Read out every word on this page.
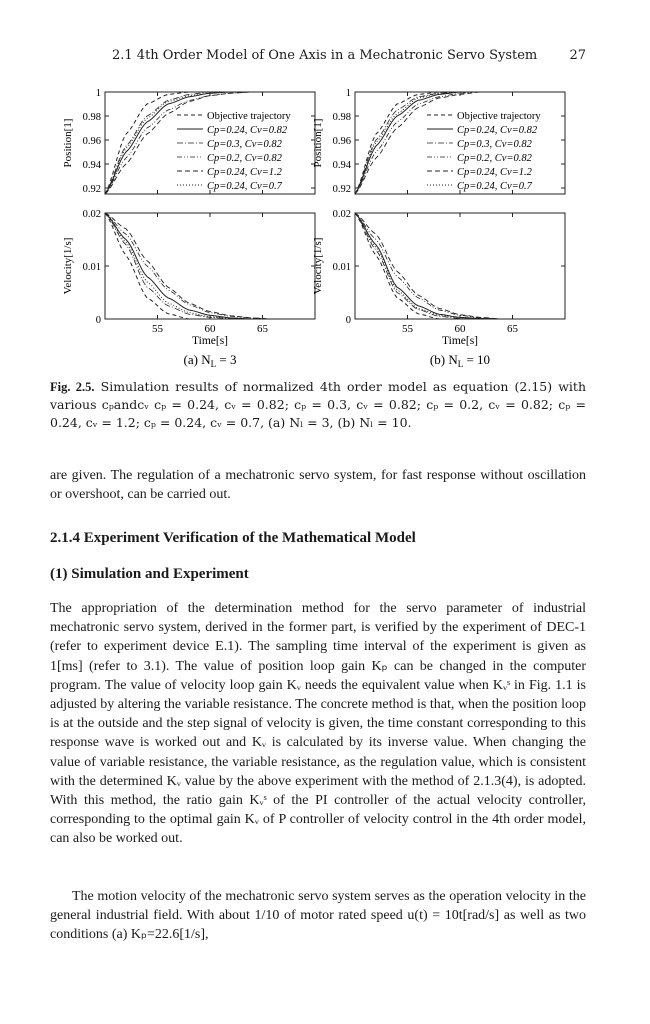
2.1 4th Order Model of One Axis in a Mechatronic Servo System 27
1
0.98
0.96
0.94
0.92
Position[1]
Objective trajectory
Cp=0.24, Cv=0.82
Cp=0.3, Cv=0.82
Cp=0.2, Cv=0.82
Cp=0.24, Cv=1.2
Cp=0.24, Cv=0.7
1
0.98
0.96
0.94
0.92
Position[1]
Objective trajectory
Cp=0.24, Cv=0.82
Cp=0.3, Cv=0.82
Cp=0.2, Cv=0.82
Cp=0.24, Cv=1.2
Cp=0.24, Cv=0.7
55	60	65
0.02
0.01
0
Velocity[1/s]
55	60	65
0.02
0.01
0
Velocity[1/s]
Time[s]
(a) $N_L = 3$
Time[s]
(b) $N_L = 10$
Fig. 2.5. Simulation results of normalized 4th order model as equation (2.15) with various cₚandcᵥ cₚ = 0.24, cᵥ = 0.82; cₚ = 0.3, cᵥ = 0.82; cₚ = 0.2, cᵥ = 0.82; cₚ = 0.24, cᵥ = 1.2; cₚ = 0.24, cᵥ = 0.7, (a) Nₗ = 3, (b) Nₗ = 10.

are given. The regulation of a mechatronic servo system, for fast response without oscillation or overshoot, can be carried out.

2.1.4 Experiment Verification of the Mathematical Model
(1) Simulation and Experiment

The appropriation of the determination method for the servo parameter of industrial mechatronic servo system, derived in the former part, is verified by the experiment of DEC-1 (refer to experiment device E.1). The sampling time interval of the experiment is given as 1[ms] (refer to 3.1). The value of position loop gain Kₚ can be changed in the computer program. The value of velocity loop gain Kᵥ needs the equivalent value when Kᵥˢ in Fig. 1.1 is adjusted by altering the variable resistance. The concrete method is that, when the position loop is at the outside and the step signal of velocity is given, the time constant corresponding to this response wave is worked out and Kᵥ is calculated by its inverse value. When changing the value of variable resistance, the variable resistance, as the regulation value, which is consistent with the determined Kᵥ value by the above experiment with the method of 2.1.3(4), is adopted. With this method, the ratio gain Kᵥˢ of the PI controller of the actual velocity controller, corresponding to the optimal gain Kᵥ of P controller of velocity control in the 4th order model, can also be worked out.

The motion velocity of the mechatronic servo system serves as the operation velocity in the general industrial field. With about 1/10 of motor rated speed u(t) = 10t[rad/s] as well as two conditions (a) Kₚ=22.6[1/s],
